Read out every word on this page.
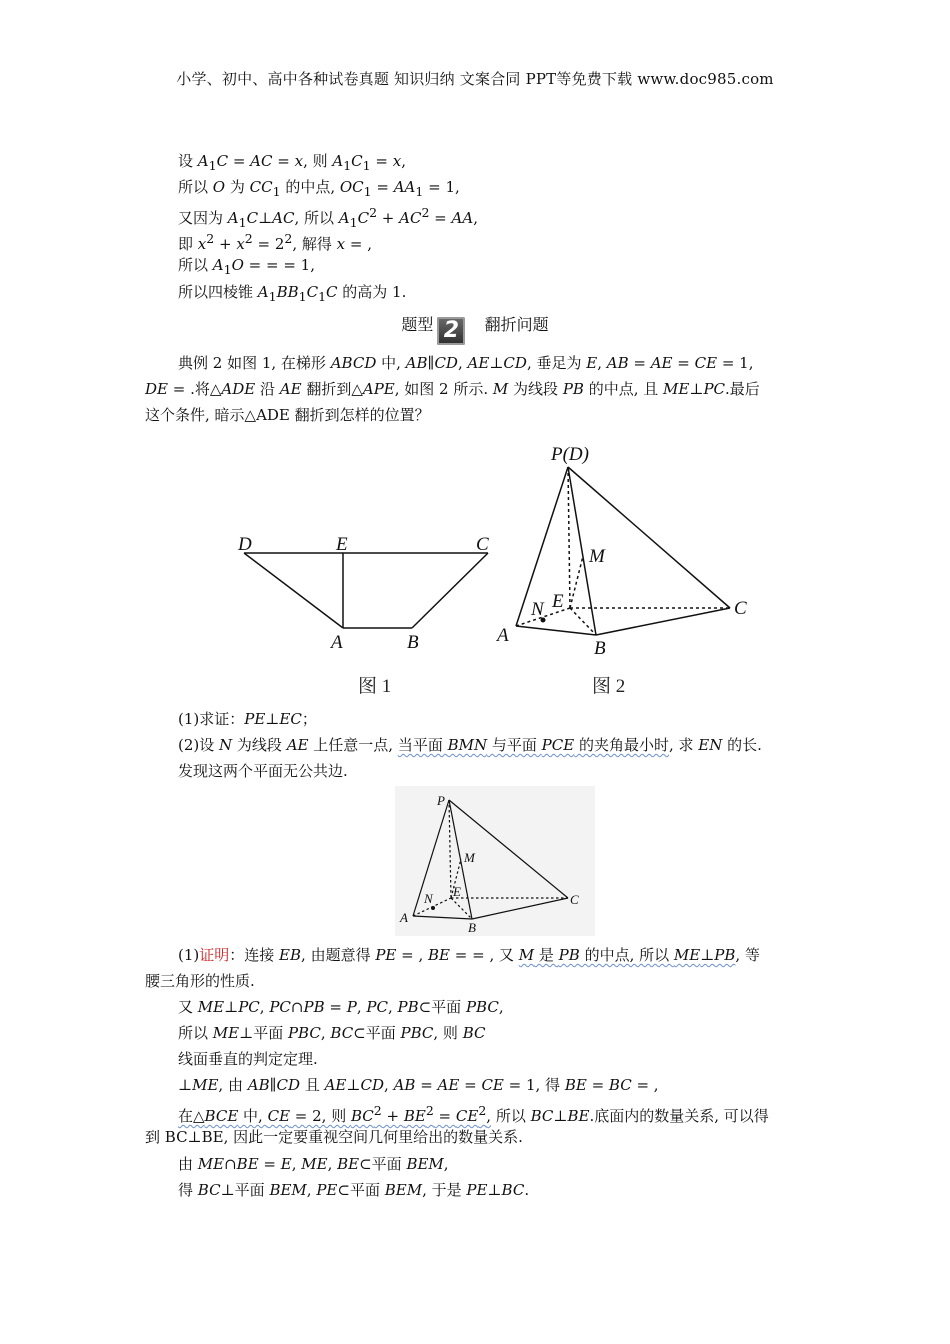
小学、初中、高中各种试卷真题 知识归纳 文案合同 PPT等免费下载 www.doc985.com
设 $A_1C$ = AC = x, 则 $A_1C_1 = x$,
所以 O 为 $CC_1$ 的中点, $OC_1 = AA_1 = 1$,
又因为 $A_1C\perp AC$, 所以 $A_1C^2 + AC^2$ = AA,
即 $x^2 + x^2 = 2^2$, 解得 x = ,
所以 $A_1O$ = = = 1,
所以四棱锥 $A_1BB_1C_1C$ 的高为 1.
题型 2 翻折问题
典例 2 如图 1, 在梯形 ABCD 中, AB∥CD, AE⊥CD, 垂足为 E, AB = AE = CE = 1,
DE = .将△ADE 沿 AE 翻折到△APE, 如图 2 所示. M 为线段 PB 的中点, 且 ME⊥PC.最后
这个条件, 暗示△ADE 翻折到怎样的位置？
D	E	C
A	B
图 1
P(D)
M
N E	C
A
B
图 2
(1)求证：PE⊥EC；
(2)设 N 为线段 AE 上任意一点, 当平面 BMN 与平面 PCE 的夹角最小时, 求 EN 的长.
发现这两个平面无公共边.
P
M
N E
C
A
B
(1)证明：连接 EB, 由题意得 PE = , BE = = , 又 M 是 PB 的中点, 所以 ME⊥PB, 等
腰三角形的性质.
又 ME⊥PC, PC∩PB = P, PC, PB⊂平面 PBC,
所以 ME⊥平面 PBC, BC⊂平面 PBC, 则 BC
线面垂直的判定定理.
⊥ME, 由 AB∥CD 且 AE⊥CD, AB = AE = CE = 1, 得 BE = BC = ,
在△BCE 中, CE = 2, 则 $BC^2 + BE^2 = CE^2$, 所以 BC⊥BE.底面内的数量关系, 可以得
到 BC⊥BE, 因此一定要重视空间几何里给出的数量关系.
由 ME∩BE = E, ME, BE⊂平面 BEM,
得 BC⊥平面 BEM, PE⊂平面 BEM, 于是 PE⊥BC.
